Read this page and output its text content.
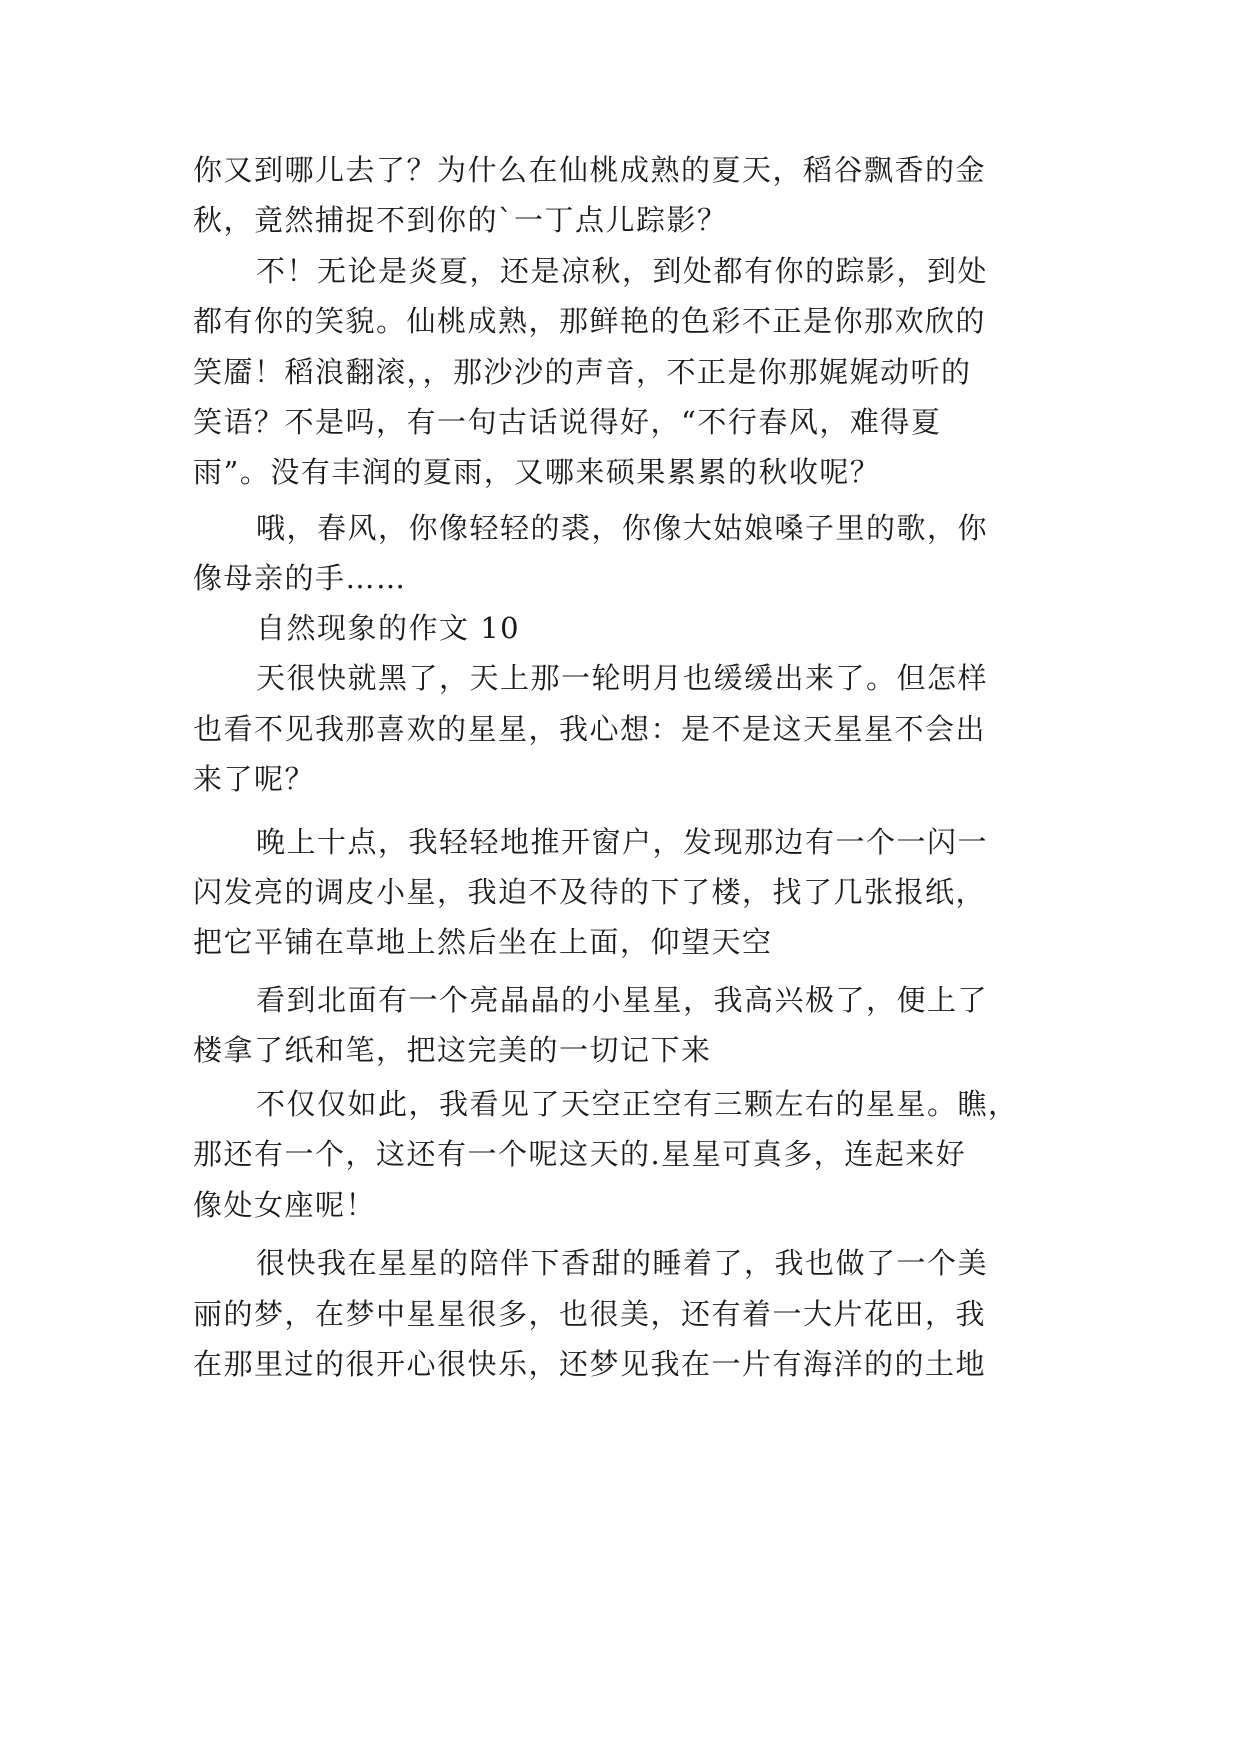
你又到哪儿去了？为什么在仙桃成熟的夏天，稻谷飘香的金
秋，竟然捕捉不到你的`一丁点儿踪影？
不！无论是炎夏，还是凉秋，到处都有你的踪影，到处
都有你的笑貌。仙桃成熟，那鲜艳的色彩不正是你那欢欣的
笑靥！稻浪翻滚，，那沙沙的声音，不正是你那娓娓动听的
笑语？不是吗，有一句古话说得好，“不行春风，难得夏
雨”。没有丰润的夏雨，又哪来硕果累累的秋收呢？
哦，春风，你像轻轻的裘，你像大姑娘嗓子里的歌，你
像母亲的手……
自然现象的作文 10
天很快就黑了，天上那一轮明月也缓缓出来了。但怎样
也看不见我那喜欢的星星，我心想：是不是这天星星不会出
来了呢？
晚上十点，我轻轻地推开窗户，发现那边有一个一闪一
闪发亮的调皮小星，我迫不及待的下了楼，找了几张报纸，
把它平铺在草地上然后坐在上面，仰望天空
看到北面有一个亮晶晶的小星星，我高兴极了，便上了
楼拿了纸和笔，把这完美的一切记下来
不仅仅如此，我看见了天空正空有三颗左右的星星。瞧，
那还有一个，这还有一个呢这天的.星星可真多，连起来好
像处女座呢！
很快我在星星的陪伴下香甜的睡着了，我也做了一个美
丽的梦，在梦中星星很多，也很美，还有着一大片花田，我
在那里过的很开心很快乐，还梦见我在一片有海洋的的土地
